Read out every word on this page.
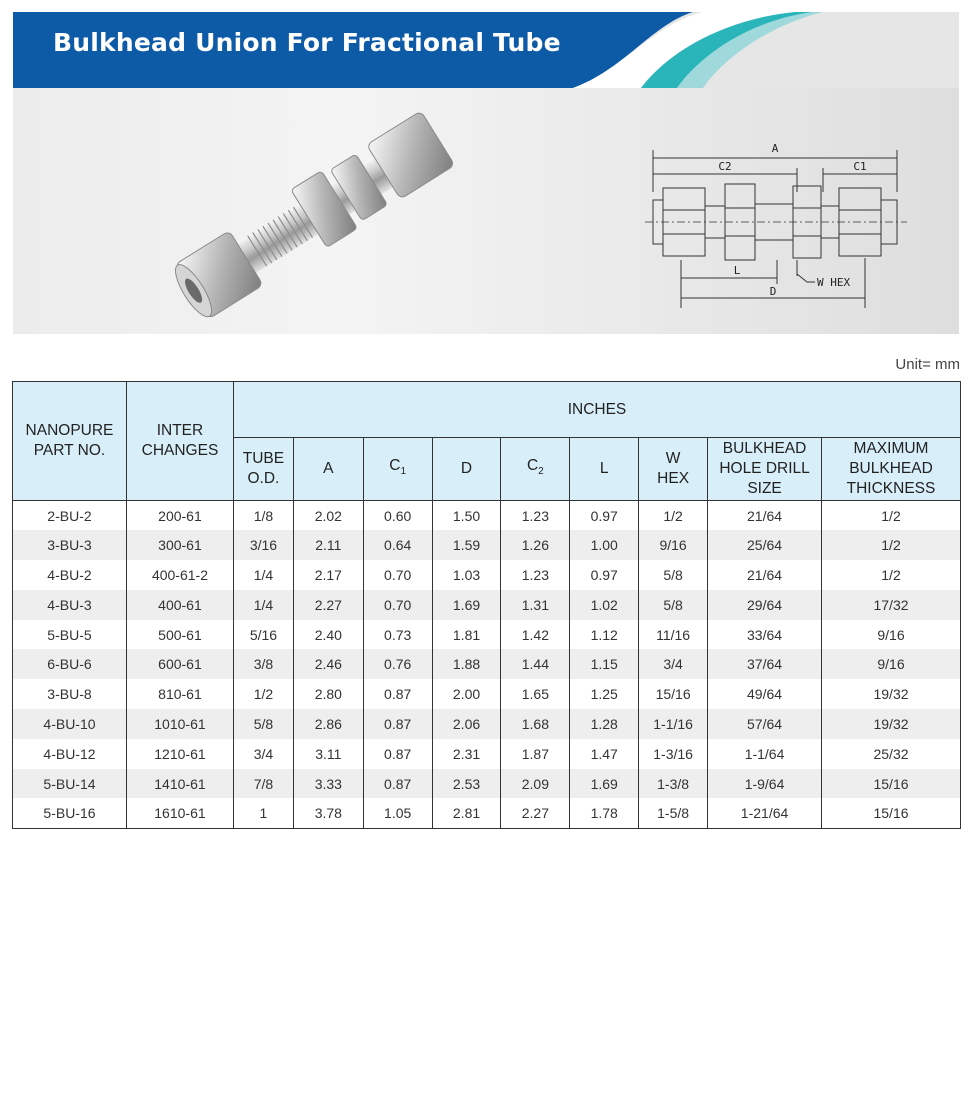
Bulkhead Union For Fractional Tube
A
C2	C1
L
W HEX
D
Unit= mm
NANOPURE PART NO.	INTER CHANGES	INCHES								
		TUBE O.D.	A	$C_1$	D	$C_2$	L	W HEX	BULKHEAD HOLE DRILL SIZE	MAXIMUM BULKHEAD THICKNESS
2-BU-2	200-61	1/8	2.02	0.60	1.50	1.23	0.97	1/2	21/64	1/2
3-BU-3	300-61	3/16	2.11	0.64	1.59	1.26	1.00	9/16	25/64	1/2
4-BU-2	400-61-2	1/4	2.17	0.70	1.03	1.23	0.97	5/8	21/64	1/2
4-BU-3	400-61	1/4	2.27	0.70	1.69	1.31	1.02	5/8	29/64	17/32
5-BU-5	500-61	5/16	2.40	0.73	1.81	1.42	1.12	11/16	33/64	9/16
6-BU-6	600-61	3/8	2.46	0.76	1.88	1.44	1.15	3/4	37/64	9/16
3-BU-8	810-61	1/2	2.80	0.87	2.00	1.65	1.25	15/16	49/64	19/32
4-BU-10	1010-61	5/8	2.86	0.87	2.06	1.68	1.28	1-1/16	57/64	19/32
4-BU-12	1210-61	3/4	3.11	0.87	2.31	1.87	1.47	1-3/16	1-1/64	25/32
5-BU-14	1410-61	7/8	3.33	0.87	2.53	2.09	1.69	1-3/8	1-9/64	15/16
5-BU-16	1610-61	1	3.78	1.05	2.81	2.27	1.78	1-5/8	1-21/64	15/16
